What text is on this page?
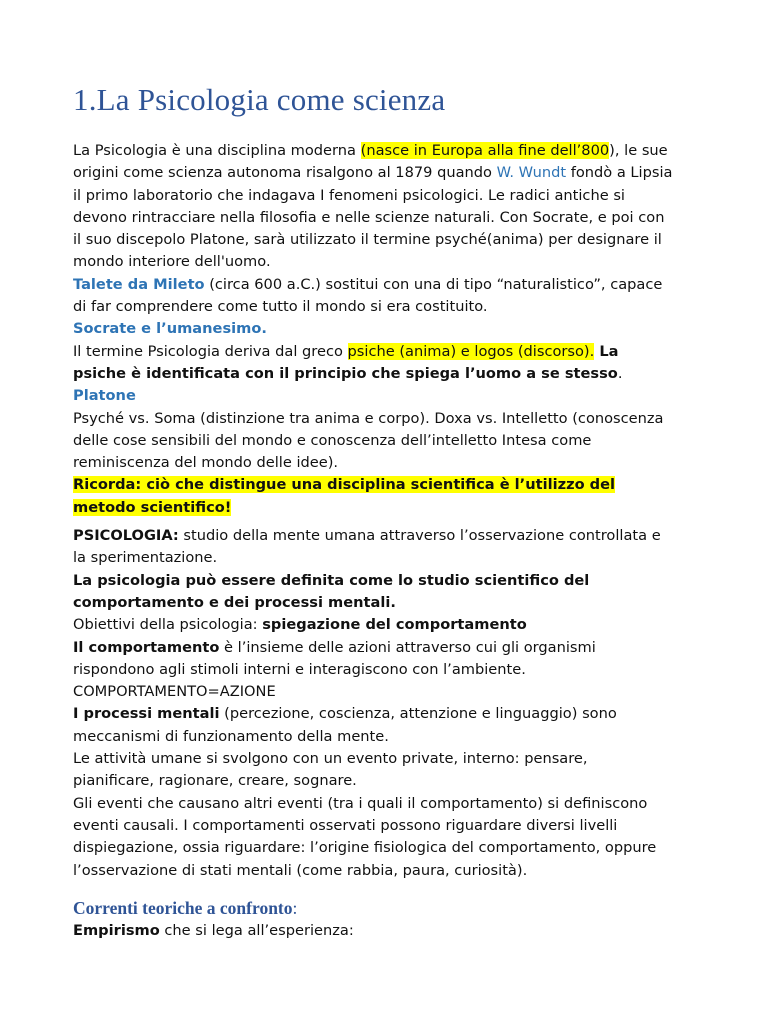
1.La Psicologia come scienza

La Psicologia è una disciplina moderna (nasce in Europa alla fine dell’800), le sue origini come scienza autonoma risalgono al 1879 quando W. Wundt fondò a Lipsia il primo laboratorio che indagava I fenomeni psicologici. Le radici antiche si devono rintracciare nella filosofia e nelle scienze naturali. Con Socrate, e poi con il suo discepolo Platone, sarà utilizzato il termine psyché(anima) per designare il mondo interiore dell'uomo.

Talete da Mileto (circa 600 a.C.) sostitui con una di tipo “naturalistico”, capace di far comprendere come tutto il mondo si era costituito.

Socrate e l’umanesimo.

Il termine Psicologia deriva dal greco psiche (anima) e logos (discorso). La psiche è identificata con il principio che spiega l’uomo a se stesso.

Platone

Psyché vs. Soma (distinzione tra anima e corpo). Doxa vs. Intelletto (conoscenza delle cose sensibili del mondo e conoscenza dell’intelletto Intesa come reminiscenza del mondo delle idee).

Ricorda: ciò che distingue una disciplina scientifica è l’utilizzo del metodo scientifico!

PSICOLOGIA: studio della mente umana attraverso l’osservazione controllata e la sperimentazione.

La psicologia può essere definita come lo studio scientifico del comportamento e dei processi mentali.

Obiettivi della psicologia: spiegazione del comportamento

Il comportamento è l’insieme delle azioni attraverso cui gli organismi rispondono agli stimoli interni e interagiscono con l’ambiente.

COMPORTAMENTO=AZIONE

I processi mentali (percezione, coscienza, attenzione e linguaggio) sono meccanismi di funzionamento della mente.

Le attività umane si svolgono con un evento private, interno: pensare, pianificare, ragionare, creare, sognare.

Gli eventi che causano altri eventi (tra i quali il comportamento) si definiscono eventi causali. I comportamenti osservati possono riguardare diversi livelli dispiegazione, ossia riguardare: l’origine fisiologica del comportamento, oppure l’osservazione di stati mentali (come rabbia, paura, curiosità).

Correnti teoriche a confronto:

Empirismo che si lega all’esperienza:
